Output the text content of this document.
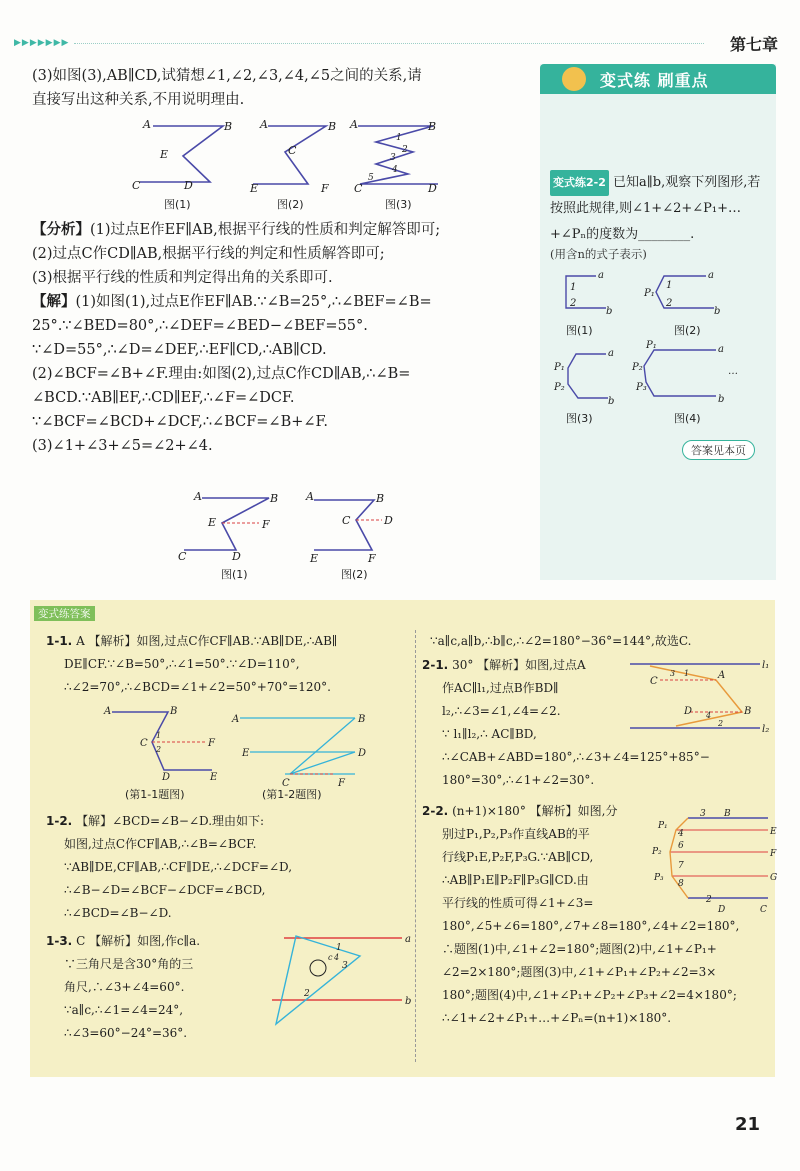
▶▶▶▶▶▶▶	第七章

(3)如图(3),AB∥CD,试猜想∠1,∠2,∠3,∠4,∠5之间的关系,请

直接写出这种关系,不用说明理由.

A	B
E
C	D
A	B
C
E	F
A	B
C	D
1
2
3
4
5
图(1)	图(2)	图(3)

【分析】(1)过点E作EF∥AB,根据平行线的性质和判定解答即可;

(2)过点C作CD∥AB,根据平行线的判定和性质解答即可;

(3)根据平行线的性质和判定得出角的关系即可.

【解】(1)如图(1),过点E作EF∥AB.∵∠B=25°,∴∠BEF=∠B=

25°.∵∠BED=80°,∴∠DEF=∠BED−∠BEF=55°.

∵∠D=55°,∴∠D=∠DEF,∴EF∥CD,∴AB∥CD.

(2)∠BCF=∠B+∠F.理由:如图(2),过点C作CD∥AB,∴∠B=

∠BCD.∵AB∥EF,∴CD∥EF,∴∠F=∠DCF.

∵∠BCF=∠BCD+∠DCF,∴∠BCF=∠B+∠F.

(3)∠1+∠3+∠5=∠2+∠4.

A	B
E	F
C	D
A	B
C	D
E	F
图(1)	图(2)
变式练 刷重点
变式练2-2 已知a∥b,观察下列图形,若按照此规律,则∠1+∠2+∠P₁+…+∠Pₙ的度数为________.
(用含n的式子表示)
a
b
1
2
a
b
P₁
1
2
a
b
P₁
P₂
a
b
P₁
P₂
P₃
…
图(1)	图(2)
图(3)	图(4)
答案见本页
变式练答案

1-1. A 【解析】如图,过点C作CF∥AB.∵AB∥DE,∴AB∥

DE∥CF.∵∠B=50°,∴∠1=50°.∵∠D=110°,

∴∠2=70°,∴∠BCD=∠1+∠2=50°+70°=120°.

A	B
C	F
D	E
1
2
A	B
E	D
C	F
(第1-1题图)	(第1-2题图)

1-2. 【解】∠BCD=∠B−∠D.理由如下:

如图,过点C作CF∥AB,∴∠B=∠BCF.

∵AB∥DE,CF∥AB,∴CF∥DE,∴∠DCF=∠D,

∴∠B−∠D=∠BCF−∠DCF=∠BCD,

∴∠BCD=∠B−∠D.

1-3. C 【解析】如图,作c∥a.

∵三角尺是含30°角的三

角尺,∴∠3+∠4=60°.

∵a∥c,∴∠1=∠4=24°,

∴∠3=60°−24°=36°.

a
b
1
c 4
3
2
∵a∥c,a∥b,∴b∥c,∴∠2=180°−36°=144°,故选C.

2-1. 30° 【解析】如图,过点A

作AC∥l₁,过点B作BD∥

l₂,∴∠3=∠1,∠4=∠2.

∵ l₁∥l₂,∴ AC∥BD,

∴∠CAB+∠ABD=180°,∴∠3+∠4=125°+85°−

180°=30°,∴∠1+∠2=30°.

l₁
l₂
C
A
D	B
3 1
4
2

2-2. (n+1)×180° 【解析】如图,分

别过P₁,P₂,P₃作直线AB的平

行线P₁E,P₂F,P₃G.∵AB∥CD,

∴AB∥P₁E∥P₂F∥P₃G∥CD.由

平行线的性质可得∠1+∠3=

180°,∠5+∠6=180°,∠7+∠8=180°,∠4+∠2=180°,

∴题图(1)中,∠1+∠2=180°;题图(2)中,∠1+∠P₁+

∠2=2×180°;题图(3)中,∠1+∠P₁+∠P₂+∠2=3×

180°;题图(4)中,∠1+∠P₁+∠P₂+∠P₃+∠2=4×180°;

∴∠1+∠2+∠P₁+…+∠Pₙ=(n+1)×180°.

B
E
F
G
D	C
P₁
P₂
P₃
3
2
4
6
7
8
21
